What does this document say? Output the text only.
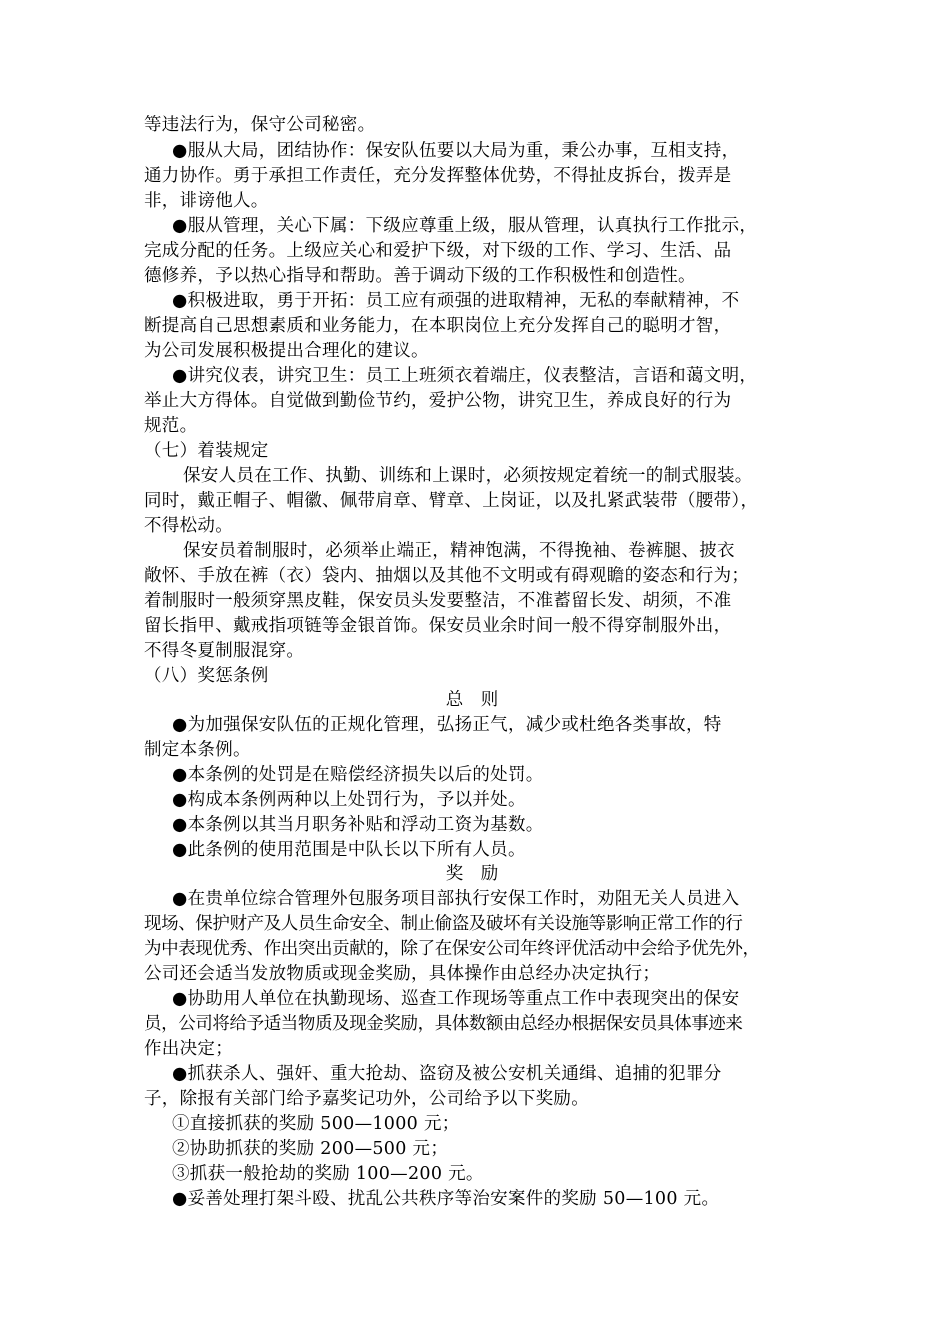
等违法行为，保守公司秘密。
●服从大局，团结协作：保安队伍要以大局为重，秉公办事，互相支持，
通力协作。勇于承担工作责任，充分发挥整体优势，不得扯皮拆台，拨弄是
非，诽谤他人。
●服从管理，关心下属：下级应尊重上级，服从管理，认真执行工作批示，
完成分配的任务。上级应关心和爱护下级，对下级的工作、学习、生活、品
德修养，予以热心指导和帮助。善于调动下级的工作积极性和创造性。
●积极进取，勇于开拓：员工应有顽强的进取精神，无私的奉献精神，不
断提高自己思想素质和业务能力，在本职岗位上充分发挥自己的聪明才智，
为公司发展积极提出合理化的建议。
●讲究仪表，讲究卫生：员工上班须衣着端庄，仪表整洁，言语和蔼文明，
举止大方得体。自觉做到勤俭节约，爱护公物，讲究卫生，养成良好的行为
规范。
（七）着装规定
保安人员在工作、执勤、训练和上课时，必须按规定着统一的制式服装。
同时，戴正帽子、帽徽、佩带肩章、臂章、上岗证，以及扎紧武装带（腰带），
不得松动。
保安员着制服时，必须举止端正，精神饱满，不得挽袖、卷裤腿、披衣
敞怀、手放在裤（衣）袋内、抽烟以及其他不文明或有碍观瞻的姿态和行为；
着制服时一般须穿黑皮鞋，保安员头发要整洁，不准蓄留长发、胡须，不准
留长指甲、戴戒指项链等金银首饰。保安员业余时间一般不得穿制服外出，
不得冬夏制服混穿。
（八）奖惩条例
总 则
●为加强保安队伍的正规化管理，弘扬正气，减少或杜绝各类事故，特
制定本条例。
●本条例的处罚是在赔偿经济损失以后的处罚。
●构成本条例两种以上处罚行为，予以并处。
●本条例以其当月职务补贴和浮动工资为基数。
●此条例的使用范围是中队长以下所有人员。
奖 励
●在贵单位综合管理外包服务项目部执行安保工作时，劝阻无关人员进入
现场、保护财产及人员生命安全、制止偷盗及破坏有关设施等影响正常工作的行
为中表现优秀、作出突出贡献的，除了在保安公司年终评优活动中会给予优先外，
公司还会适当发放物质或现金奖励，具体操作由总经办决定执行；
●协助用人单位在执勤现场、巡查工作现场等重点工作中表现突出的保安
员，公司将给予适当物质及现金奖励，具体数额由总经办根据保安员具体事迹来
作出决定；
●抓获杀人、强奸、重大抢劫、盗窃及被公安机关通缉、追捕的犯罪分
子，除报有关部门给予嘉奖记功外，公司给予以下奖励。
①直接抓获的奖励 500—1000 元；
②协助抓获的奖励 200—500 元；
③抓获一般抢劫的奖励 100—200 元。
●妥善处理打架斗殴、扰乱公共秩序等治安案件的奖励 50—100 元。
